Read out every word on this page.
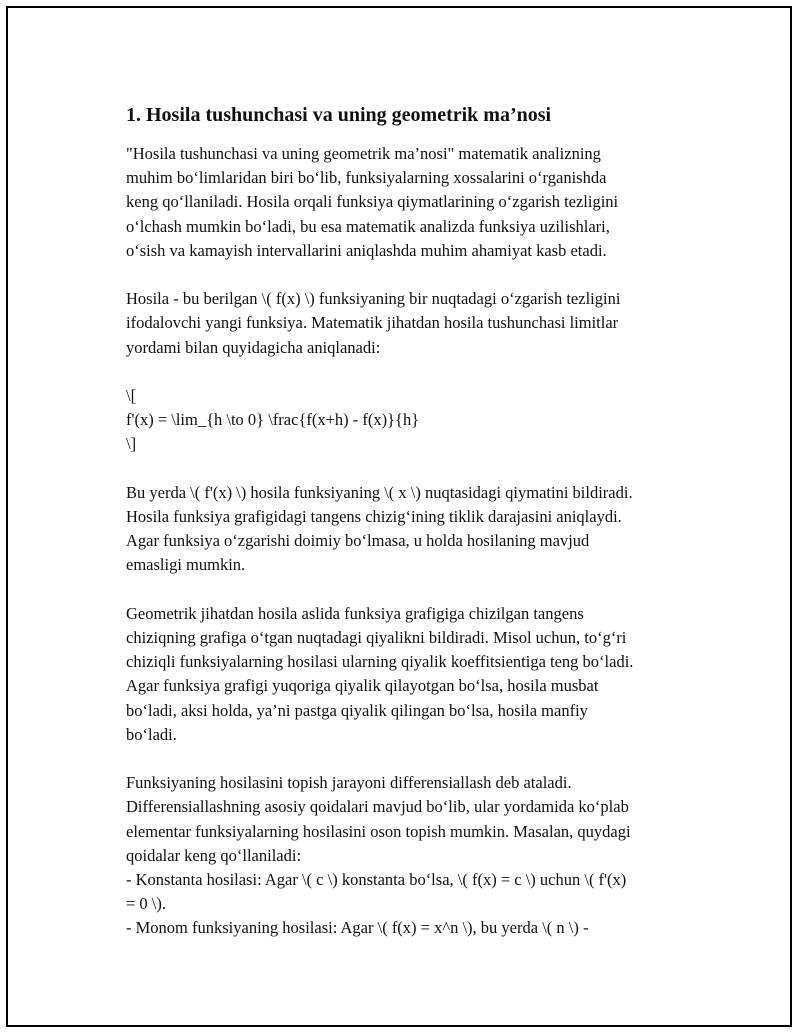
1. Hosila tushunchasi va uning geometrik ma’nosi
"Hosila tushunchasi va uning geometrik ma’nosi" matematik analizning
muhim bo‘limlaridan biri bo‘lib, funksiyalarning xossalarini o‘rganishda
keng qo‘llaniladi. Hosila orqali funksiya qiymatlarining o‘zgarish tezligini
o‘lchash mumkin bo‘ladi, bu esa matematik analizda funksiya uzilishlari,
o‘sish va kamayish intervallarini aniqlashda muhim ahamiyat kasb etadi.
Hosila - bu berilgan \( f(x) \) funksiyaning bir nuqtadagi o‘zgarish tezligini
ifodalovchi yangi funksiya. Matematik jihatdan hosila tushunchasi limitlar
yordami bilan quyidagicha aniqlanadi:
\[
f'(x) = \lim_{h \to 0} \frac{f(x+h) - f(x)}{h}
\]
Bu yerda \( f'(x) \) hosila funksiyaning \( x \) nuqtasidagi qiymatini bildiradi.
Hosila funksiya grafigidagi tangens chizig‘ining tiklik darajasini aniqlaydi.
Agar funksiya o‘zgarishi doimiy bo‘lmasa, u holda hosilaning mavjud
emasligi mumkin.
Geometrik jihatdan hosila aslida funksiya grafigiga chizilgan tangens
chiziqning grafiga o‘tgan nuqtadagi qiyalikni bildiradi. Misol uchun, to‘g‘ri
chiziqli funksiyalarning hosilasi ularning qiyalik koeffitsientiga teng bo‘ladi.
Agar funksiya grafigi yuqoriga qiyalik qilayotgan bo‘lsa, hosila musbat
bo‘ladi, aksi holda, ya’ni pastga qiyalik qilingan bo‘lsa, hosila manfiy
bo‘ladi.
Funksiyaning hosilasini topish jarayoni differensiallash deb ataladi.
Differensiallashning asosiy qoidalari mavjud bo‘lib, ular yordamida ko‘plab
elementar funksiyalarning hosilasini oson topish mumkin. Masalan, quydagi
qoidalar keng qo‘llaniladi:
- Konstanta hosilasi: Agar \( c \) konstanta bo‘lsa, \( f(x) = c \) uchun \( f'(x)
= 0 \).
- Monom funksiyaning hosilasi: Agar \( f(x) = x^n \), bu yerda \( n \) -
